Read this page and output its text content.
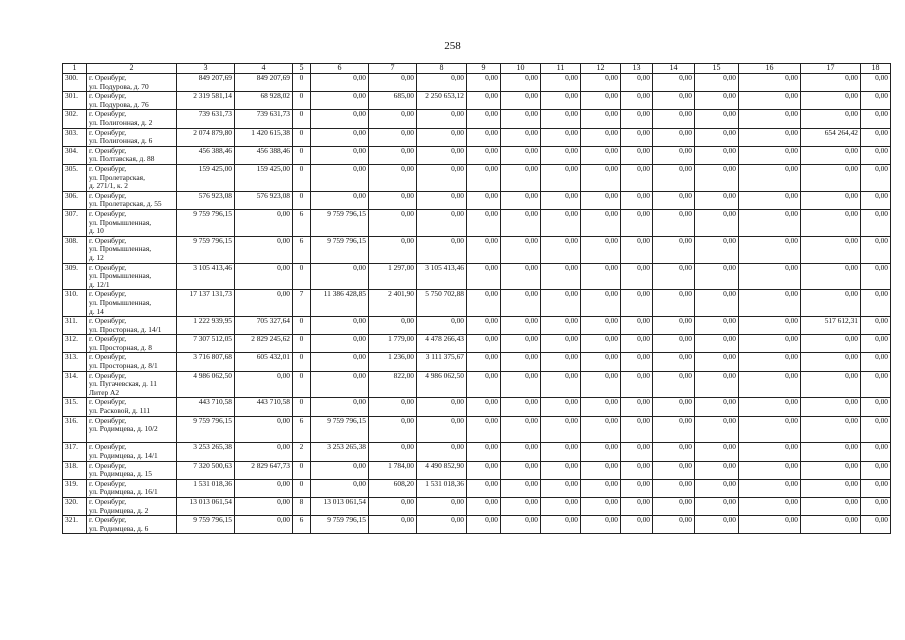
258
1	2	3	4	5	6	7	8	9	10	11	12	13	14	15	16	17	18
300.	г. Оренбург,
ул. Подурова, д. 70	849 207,69	849 207,69	0	0,00	0,00	0,00	0,00	0,00	0,00	0,00	0,00	0,00	0,00	0,00	0,00	0,00
301.	г. Оренбург,
ул. Подурова, д. 76	2 319 581,14	68 928,02	0	0,00	685,00	2 250 653,12	0,00	0,00	0,00	0,00	0,00	0,00	0,00	0,00	0,00	0,00
302.	г. Оренбург,
ул. Полигонная, д. 2	739 631,73	739 631,73	0	0,00	0,00	0,00	0,00	0,00	0,00	0,00	0,00	0,00	0,00	0,00	0,00	0,00
303.	г. Оренбург,
ул. Полигонная, д. 6	2 074 879,80	1 420 615,38	0	0,00	0,00	0,00	0,00	0,00	0,00	0,00	0,00	0,00	0,00	0,00	654 264,42	0,00
304.	г. Оренбург,
ул. Полтавская, д. 88	456 388,46	456 388,46	0	0,00	0,00	0,00	0,00	0,00	0,00	0,00	0,00	0,00	0,00	0,00	0,00	0,00
305.	г. Оренбург,
ул. Пролетарская,
д. 271/1, к. 2	159 425,00	159 425,00	0	0,00	0,00	0,00	0,00	0,00	0,00	0,00	0,00	0,00	0,00	0,00	0,00	0,00
306.	г. Оренбург,
ул. Пролетарская, д. 55	576 923,08	576 923,08	0	0,00	0,00	0,00	0,00	0,00	0,00	0,00	0,00	0,00	0,00	0,00	0,00	0,00
307.	г. Оренбург,
ул. Промышленная,
д. 10	9 759 796,15	0,00	6	9 759 796,15	0,00	0,00	0,00	0,00	0,00	0,00	0,00	0,00	0,00	0,00	0,00	0,00
308.	г. Оренбург,
ул. Промышленная,
д. 12	9 759 796,15	0,00	6	9 759 796,15	0,00	0,00	0,00	0,00	0,00	0,00	0,00	0,00	0,00	0,00	0,00	0,00
309.	г. Оренбург,
ул. Промышленная,
д. 12/1	3 105 413,46	0,00	0	0,00	1 297,00	3 105 413,46	0,00	0,00	0,00	0,00	0,00	0,00	0,00	0,00	0,00	0,00
310.	г. Оренбург,
ул. Промышленная,
д. 14	17 137 131,73	0,00	7	11 386 428,85	2 401,90	5 750 702,88	0,00	0,00	0,00	0,00	0,00	0,00	0,00	0,00	0,00	0,00
311.	г. Оренбург,
ул. Просторная, д. 14/1	1 222 939,95	705 327,64	0	0,00	0,00	0,00	0,00	0,00	0,00	0,00	0,00	0,00	0,00	0,00	517 612,31	0,00
312.	г. Оренбург,
ул. Просторная, д. 8	7 307 512,05	2 829 245,62	0	0,00	1 779,00	4 478 266,43	0,00	0,00	0,00	0,00	0,00	0,00	0,00	0,00	0,00	0,00
313.	г. Оренбург,
ул. Просторная, д. 8/1	3 716 807,68	605 432,01	0	0,00	1 236,00	3 111 375,67	0,00	0,00	0,00	0,00	0,00	0,00	0,00	0,00	0,00	0,00
314.	г. Оренбург,
ул. Пугачевская, д. 11
Литер А2	4 986 062,50	0,00	0	0,00	822,00	4 986 062,50	0,00	0,00	0,00	0,00	0,00	0,00	0,00	0,00	0,00	0,00
315.	г. Оренбург,
ул. Расковой, д. 111	443 710,58	443 710,58	0	0,00	0,00	0,00	0,00	0,00	0,00	0,00	0,00	0,00	0,00	0,00	0,00	0,00
316.	г. Оренбург,
ул. Родимцева, д. 10/2	9 759 796,15	0,00	6	9 759 796,15	0,00	0,00	0,00	0,00	0,00	0,00	0,00	0,00	0,00	0,00	0,00	0,00
317.	г. Оренбург,
ул. Родимцева, д. 14/1	3 253 265,38	0,00	2	3 253 265,38	0,00	0,00	0,00	0,00	0,00	0,00	0,00	0,00	0,00	0,00	0,00	0,00
318.	г. Оренбург,
ул. Родимцева, д. 15	7 320 500,63	2 829 647,73	0	0,00	1 784,00	4 490 852,90	0,00	0,00	0,00	0,00	0,00	0,00	0,00	0,00	0,00	0,00
319.	г. Оренбург,
ул. Родимцева, д. 16/1	1 531 018,36	0,00	0	0,00	608,20	1 531 018,36	0,00	0,00	0,00	0,00	0,00	0,00	0,00	0,00	0,00	0,00
320.	г. Оренбург,
ул. Родимцева, д. 2	13 013 061,54	0,00	8	13 013 061,54	0,00	0,00	0,00	0,00	0,00	0,00	0,00	0,00	0,00	0,00	0,00	0,00
321.	г. Оренбург,
ул. Родимцева, д. 6	9 759 796,15	0,00	6	9 759 796,15	0,00	0,00	0,00	0,00	0,00	0,00	0,00	0,00	0,00	0,00	0,00	0,00
